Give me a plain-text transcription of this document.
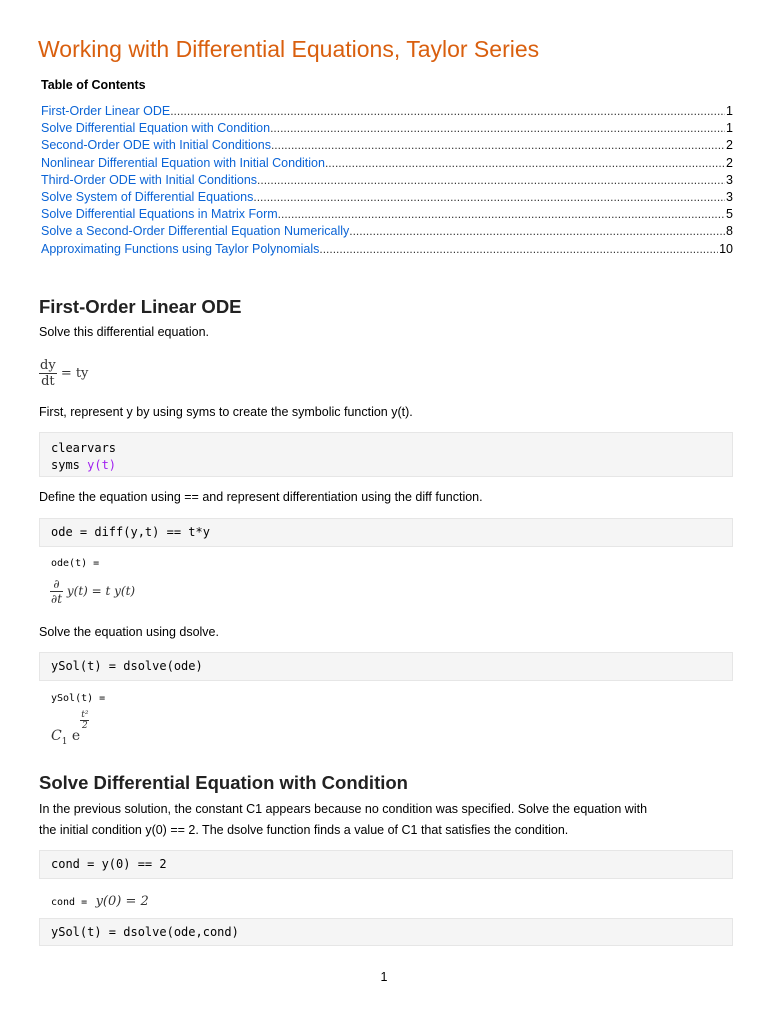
Working with Differential Equations, Taylor Series
Table of Contents
First-Order Linear ODE .....	1
Solve Differential Equation with Condition .....	1
Second-Order ODE with Initial Conditions .....	2
Nonlinear Differential Equation with Initial Condition .....	2
Third-Order ODE with Initial Conditions .....	3
Solve System of Differential Equations .....	3
Solve Differential Equations in Matrix Form .....	5
Solve a Second-Order Differential Equation Numerically .....	8
Approximating Functions using Taylor Polynomials .....	10
First-Order Linear ODE
Solve this differential equation.
$\frac{dy}{dt}$ = ty
First, represent y by using syms to create the symbolic function y(t).
clearvars
syms y(t)
Define the equation using == and represent differentiation using the diff function.
ode = diff(y,t) == t*y
ode(t) =
$\frac{\partial}{\partial t} y(t) = t$ y(t)
Solve the equation using dsolve.
ySol(t) = dsolve(ode)
ySol(t) =
$C_1$ e
$\frac{\text{t²}}{2}$
Solve Differential Equation with Condition
In the previous solution, the constant C1 appears because no condition was specified. Solve the equation with
the initial condition y(0) == 2. The dsolve function finds a value of C1 that satisfies the condition.
cond = y(0) == 2
cond = y(0) = 2
ySol(t) = dsolve(ode,cond)
1
